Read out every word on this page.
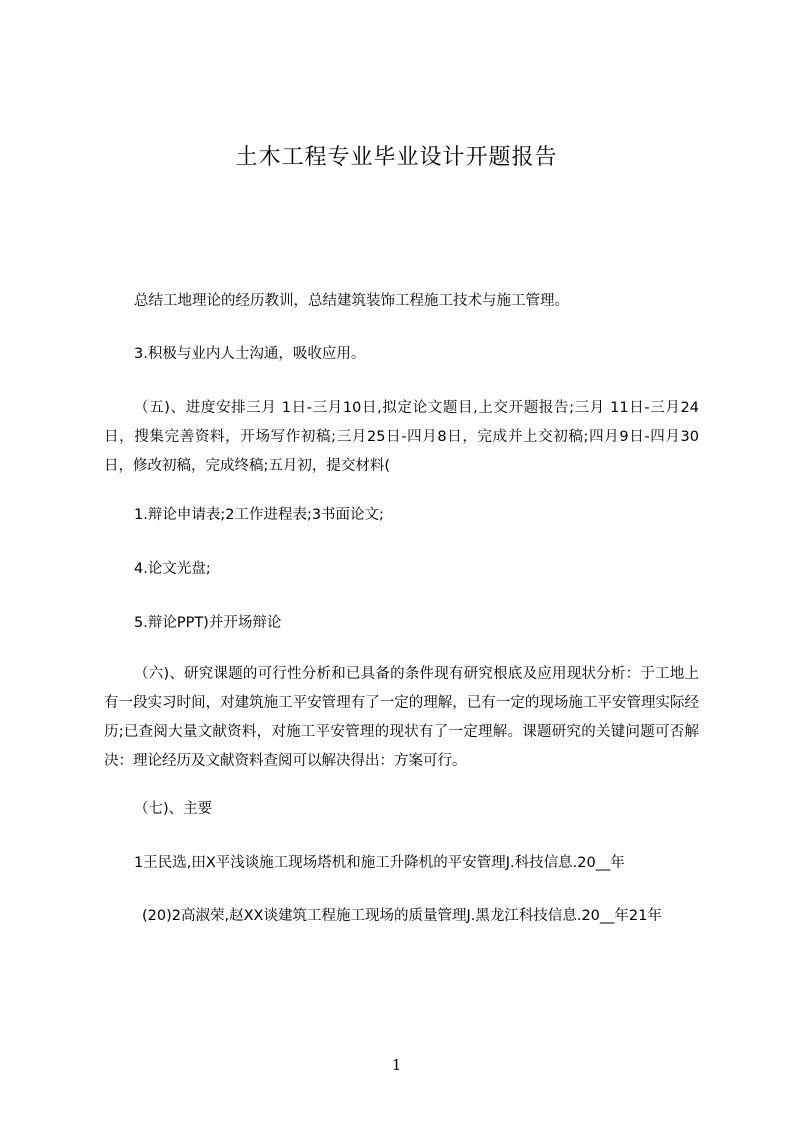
土木工程专业毕业设计开题报告
总结工地理论的经历教训，总结建筑装饰工程施工技术与施工管理。
3.积极与业内人士沟通，吸收应用。
（五)、进度安排三月 1日-三月10日,拟定论文题目,上交开题报告;三月 11日-三月24日，搜集完善资料，开场写作初稿;三月25日-四月8日，完成并上交初稿;四月9日-四月30日，修改初稿，完成终稿;五月初，提交材料(
1.辩论申请表;2工作进程表;3书面论文;
4.论文光盘;
5.辩论PPT)并开场辩论
（六)、研究课题的可行性分析和已具备的条件现有研究根底及应用现状分析：于工地上有一段实习时间，对建筑施工平安管理有了一定的理解，已有一定的现场施工平安管理实际经历;已查阅大量文献资料，对施工平安管理的现状有了一定理解。课题研究的关键问题可否解决：理论经历及文献资料查阅可以解决得出：方案可行。
（七)、主要
1王民选,田X平浅谈施工现场塔机和施工升降机的平安管理J.科技信息.20__年
(20)2高淑荣,赵XX谈建筑工程施工现场的质量管理J.黑龙江科技信息.20__年21年
1
